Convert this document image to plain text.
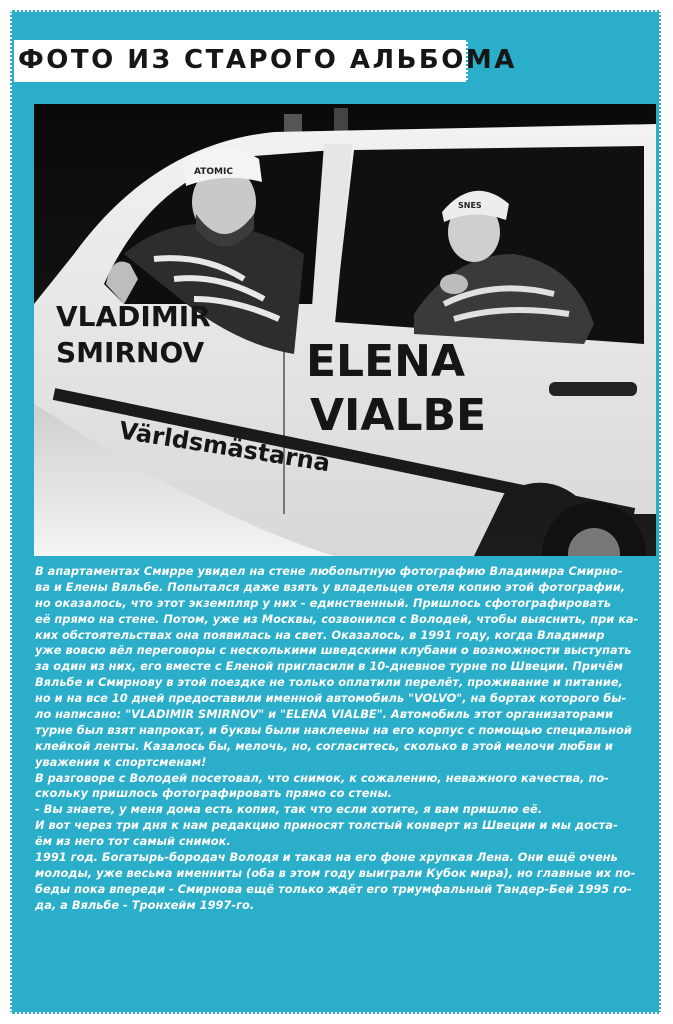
ФОТО ИЗ СТАРОГО АЛЬБОМА
ATOMIC
SNES
VLADIMIR
SMIRNOV ELENA
VIALBE
Världsmästarna
В апартаментах Смирре увидел на стене любопытную фотографию Владимира Смирно-
ва и Елены Вяльбе. Попытался даже взять у владельцев отеля копию этой фотографии,
но оказалось, что этот экземпляр у них - единственный. Пришлось сфотографировать
её прямо на стене. Потом, уже из Москвы, созвонился с Володей, чтобы выяснить, при ка-
ких обстоятельствах она появилась на свет. Оказалось, в 1991 году, когда Владимир
уже вовсю вёл переговоры с несколькими шведскими клубами о возможности выступать
за один из них, его вместе с Еленой пригласили в 10-дневное турне по Швеции. Причём
Вяльбе и Смирнову в этой поездке не только оплатили перелёт, проживание и питание,
но и на все 10 дней предоставили именной автомобиль "VOLVO", на бортах которого бы-
ло написано: "VLADIMIR SMIRNOV" и "ELENA VIALBE". Автомобиль этот организаторами
турне был взят напрокат, и буквы были наклеены на его корпус с помощью специальной
клейкой ленты. Казалось бы, мелочь, но, согласитесь, сколько в этой мелочи любви и
уважения к спортсменам!
В разговоре с Володей посетовал, что снимок, к сожалению, неважного качества, по-
скольку пришлось фотографировать прямо со стены.
- Вы знаете, у меня дома есть копия, так что если хотите, я вам пришлю её.
И вот через три дня к нам редакцию приносят толстый конверт из Швеции и мы доста-
ём из него тот самый снимок.
1991 год. Богатырь-бородач Володя и такая на его фоне хрупкая Лена. Они ещё очень
молоды, уже весьма именниты (оба в этом году выиграли Кубок мира), но главные их по-
беды пока впереди - Смирнова ещё только ждёт его триумфальный Тандер-Бей 1995 го-
да, а Вяльбе - Тронхейм 1997-го.
